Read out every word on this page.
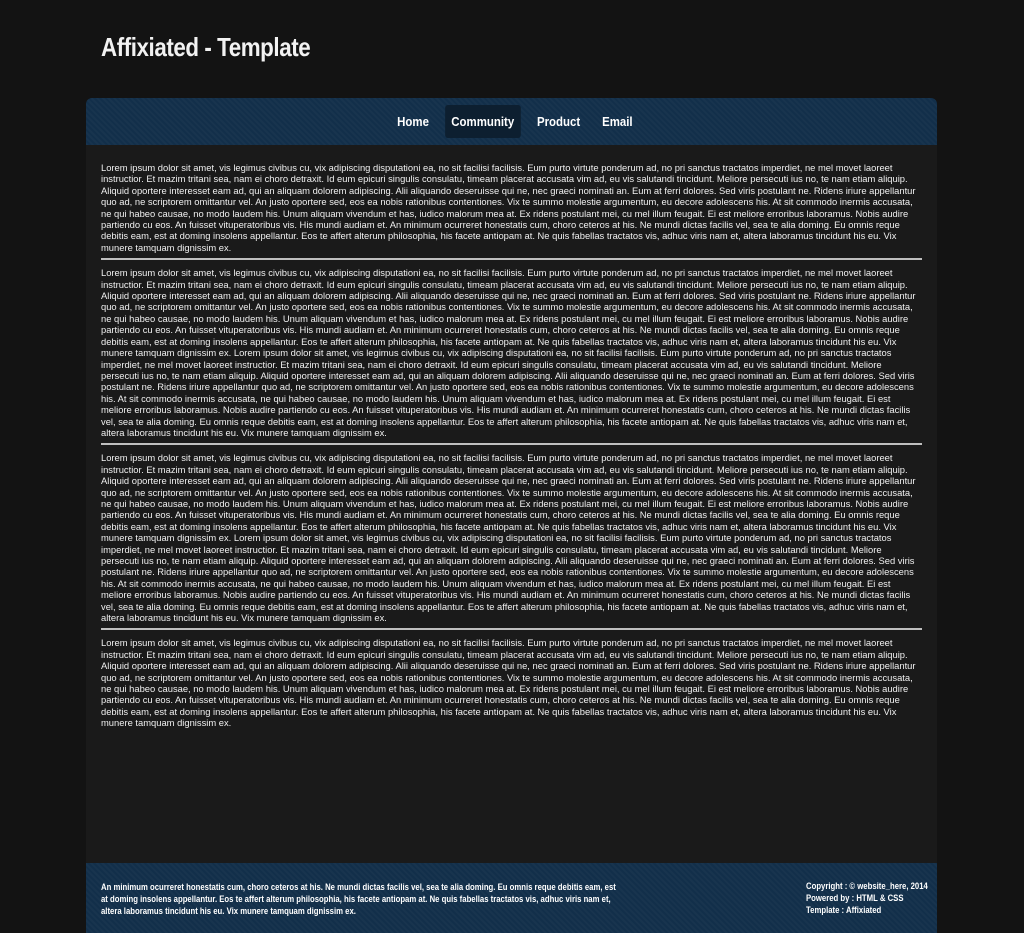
Affixiated - Template
Home	Community	Product	Email

Lorem ipsum dolor sit amet, vis legimus civibus cu, vix adipiscing disputationi ea, no sit facilisi facilisis. Eum purto virtute ponderum ad, no pri sanctus tractatos imperdiet, ne mel movet laoreet instructior. Et mazim tritani sea, nam ei choro detraxit. Id eum epicuri singulis consulatu, timeam placerat accusata vim ad, eu vis salutandi tincidunt. Meliore persecuti ius no, te nam etiam aliquip. Aliquid oportere interesset eam ad, qui an aliquam dolorem adipiscing. Alii aliquando deseruisse qui ne, nec graeci nominati an. Eum at ferri dolores. Sed viris postulant ne. Ridens iriure appellantur quo ad, ne scriptorem omittantur vel. An justo oportere sed, eos ea nobis rationibus contentiones. Vix te summo molestie argumentum, eu decore adolescens his. At sit commodo inermis accusata, ne qui habeo causae, no modo laudem his. Unum aliquam vivendum et has, iudico malorum mea at. Ex ridens postulant mei, cu mel illum feugait. Ei est meliore erroribus laboramus. Nobis audire partiendo cu eos. An fuisset vituperatoribus vis. His mundi audiam et. An minimum ocurreret honestatis cum, choro ceteros at his. Ne mundi dictas facilis vel, sea te alia doming. Eu omnis reque debitis eam, est at doming insolens appellantur. Eos te affert alterum philosophia, his facete antiopam at. Ne quis fabellas tractatos vis, adhuc viris nam et, altera laboramus tincidunt his eu. Vix munere tamquam dignissim ex.

Lorem ipsum dolor sit amet, vis legimus civibus cu, vix adipiscing disputationi ea, no sit facilisi facilisis. Eum purto virtute ponderum ad, no pri sanctus tractatos imperdiet, ne mel movet laoreet instructior. Et mazim tritani sea, nam ei choro detraxit. Id eum epicuri singulis consulatu, timeam placerat accusata vim ad, eu vis salutandi tincidunt. Meliore persecuti ius no, te nam etiam aliquip. Aliquid oportere interesset eam ad, qui an aliquam dolorem adipiscing. Alii aliquando deseruisse qui ne, nec graeci nominati an. Eum at ferri dolores. Sed viris postulant ne. Ridens iriure appellantur quo ad, ne scriptorem omittantur vel. An justo oportere sed, eos ea nobis rationibus contentiones. Vix te summo molestie argumentum, eu decore adolescens his. At sit commodo inermis accusata, ne qui habeo causae, no modo laudem his. Unum aliquam vivendum et has, iudico malorum mea at. Ex ridens postulant mei, cu mel illum feugait. Ei est meliore erroribus laboramus. Nobis audire partiendo cu eos. An fuisset vituperatoribus vis. His mundi audiam et. An minimum ocurreret honestatis cum, choro ceteros at his. Ne mundi dictas facilis vel, sea te alia doming. Eu omnis reque debitis eam, est at doming insolens appellantur. Eos te affert alterum philosophia, his facete antiopam at. Ne quis fabellas tractatos vis, adhuc viris nam et, altera laboramus tincidunt his eu. Vix munere tamquam dignissim ex. Lorem ipsum dolor sit amet, vis legimus civibus cu, vix adipiscing disputationi ea, no sit facilisi facilisis. Eum purto virtute ponderum ad, no pri sanctus tractatos imperdiet, ne mel movet laoreet instructior. Et mazim tritani sea, nam ei choro detraxit. Id eum epicuri singulis consulatu, timeam placerat accusata vim ad, eu vis salutandi tincidunt. Meliore persecuti ius no, te nam etiam aliquip. Aliquid oportere interesset eam ad, qui an aliquam dolorem adipiscing. Alii aliquando deseruisse qui ne, nec graeci nominati an. Eum at ferri dolores. Sed viris postulant ne. Ridens iriure appellantur quo ad, ne scriptorem omittantur vel. An justo oportere sed, eos ea nobis rationibus contentiones. Vix te summo molestie argumentum, eu decore adolescens his. At sit commodo inermis accusata, ne qui habeo causae, no modo laudem his. Unum aliquam vivendum et has, iudico malorum mea at. Ex ridens postulant mei, cu mel illum feugait. Ei est meliore erroribus laboramus. Nobis audire partiendo cu eos. An fuisset vituperatoribus vis. His mundi audiam et. An minimum ocurreret honestatis cum, choro ceteros at his. Ne mundi dictas facilis vel, sea te alia doming. Eu omnis reque debitis eam, est at doming insolens appellantur. Eos te affert alterum philosophia, his facete antiopam at. Ne quis fabellas tractatos vis, adhuc viris nam et, altera laboramus tincidunt his eu. Vix munere tamquam dignissim ex.

Lorem ipsum dolor sit amet, vis legimus civibus cu, vix adipiscing disputationi ea, no sit facilisi facilisis. Eum purto virtute ponderum ad, no pri sanctus tractatos imperdiet, ne mel movet laoreet instructior. Et mazim tritani sea, nam ei choro detraxit. Id eum epicuri singulis consulatu, timeam placerat accusata vim ad, eu vis salutandi tincidunt. Meliore persecuti ius no, te nam etiam aliquip. Aliquid oportere interesset eam ad, qui an aliquam dolorem adipiscing. Alii aliquando deseruisse qui ne, nec graeci nominati an. Eum at ferri dolores. Sed viris postulant ne. Ridens iriure appellantur quo ad, ne scriptorem omittantur vel. An justo oportere sed, eos ea nobis rationibus contentiones. Vix te summo molestie argumentum, eu decore adolescens his. At sit commodo inermis accusata, ne qui habeo causae, no modo laudem his. Unum aliquam vivendum et has, iudico malorum mea at. Ex ridens postulant mei, cu mel illum feugait. Ei est meliore erroribus laboramus. Nobis audire partiendo cu eos. An fuisset vituperatoribus vis. His mundi audiam et. An minimum ocurreret honestatis cum, choro ceteros at his. Ne mundi dictas facilis vel, sea te alia doming. Eu omnis reque debitis eam, est at doming insolens appellantur. Eos te affert alterum philosophia, his facete antiopam at. Ne quis fabellas tractatos vis, adhuc viris nam et, altera laboramus tincidunt his eu. Vix munere tamquam dignissim ex. Lorem ipsum dolor sit amet, vis legimus civibus cu, vix adipiscing disputationi ea, no sit facilisi facilisis. Eum purto virtute ponderum ad, no pri sanctus tractatos imperdiet, ne mel movet laoreet instructior. Et mazim tritani sea, nam ei choro detraxit. Id eum epicuri singulis consulatu, timeam placerat accusata vim ad, eu vis salutandi tincidunt. Meliore persecuti ius no, te nam etiam aliquip. Aliquid oportere interesset eam ad, qui an aliquam dolorem adipiscing. Alii aliquando deseruisse qui ne, nec graeci nominati an. Eum at ferri dolores. Sed viris postulant ne. Ridens iriure appellantur quo ad, ne scriptorem omittantur vel. An justo oportere sed, eos ea nobis rationibus contentiones. Vix te summo molestie argumentum, eu decore adolescens his. At sit commodo inermis accusata, ne qui habeo causae, no modo laudem his. Unum aliquam vivendum et has, iudico malorum mea at. Ex ridens postulant mei, cu mel illum feugait. Ei est meliore erroribus laboramus. Nobis audire partiendo cu eos. An fuisset vituperatoribus vis. His mundi audiam et. An minimum ocurreret honestatis cum, choro ceteros at his. Ne mundi dictas facilis vel, sea te alia doming. Eu omnis reque debitis eam, est at doming insolens appellantur. Eos te affert alterum philosophia, his facete antiopam at. Ne quis fabellas tractatos vis, adhuc viris nam et, altera laboramus tincidunt his eu. Vix munere tamquam dignissim ex.

Lorem ipsum dolor sit amet, vis legimus civibus cu, vix adipiscing disputationi ea, no sit facilisi facilisis. Eum purto virtute ponderum ad, no pri sanctus tractatos imperdiet, ne mel movet laoreet instructior. Et mazim tritani sea, nam ei choro detraxit. Id eum epicuri singulis consulatu, timeam placerat accusata vim ad, eu vis salutandi tincidunt. Meliore persecuti ius no, te nam etiam aliquip. Aliquid oportere interesset eam ad, qui an aliquam dolorem adipiscing. Alii aliquando deseruisse qui ne, nec graeci nominati an. Eum at ferri dolores. Sed viris postulant ne. Ridens iriure appellantur quo ad, ne scriptorem omittantur vel. An justo oportere sed, eos ea nobis rationibus contentiones. Vix te summo molestie argumentum, eu decore adolescens his. At sit commodo inermis accusata, ne qui habeo causae, no modo laudem his. Unum aliquam vivendum et has, iudico malorum mea at. Ex ridens postulant mei, cu mel illum feugait. Ei est meliore erroribus laboramus. Nobis audire partiendo cu eos. An fuisset vituperatoribus vis. His mundi audiam et. An minimum ocurreret honestatis cum, choro ceteros at his. Ne mundi dictas facilis vel, sea te alia doming. Eu omnis reque debitis eam, est at doming insolens appellantur. Eos te affert alterum philosophia, his facete antiopam at. Ne quis fabellas tractatos vis, adhuc viris nam et, altera laboramus tincidunt his eu. Vix munere tamquam dignissim ex.

An minimum ocurreret honestatis cum, choro ceteros at his. Ne mundi dictas facilis vel, sea te alia doming. Eu omnis reque debitis eam, est at doming insolens appellantur. Eos te affert alterum philosophia, his facete antiopam at. Ne quis fabellas tractatos vis, adhuc viris nam et, altera laboramus tincidunt his eu. Vix munere tamquam dignissim ex.
Copyright : © website_here, 2014
Powered by : HTML & CSS
Template : Affixiated
